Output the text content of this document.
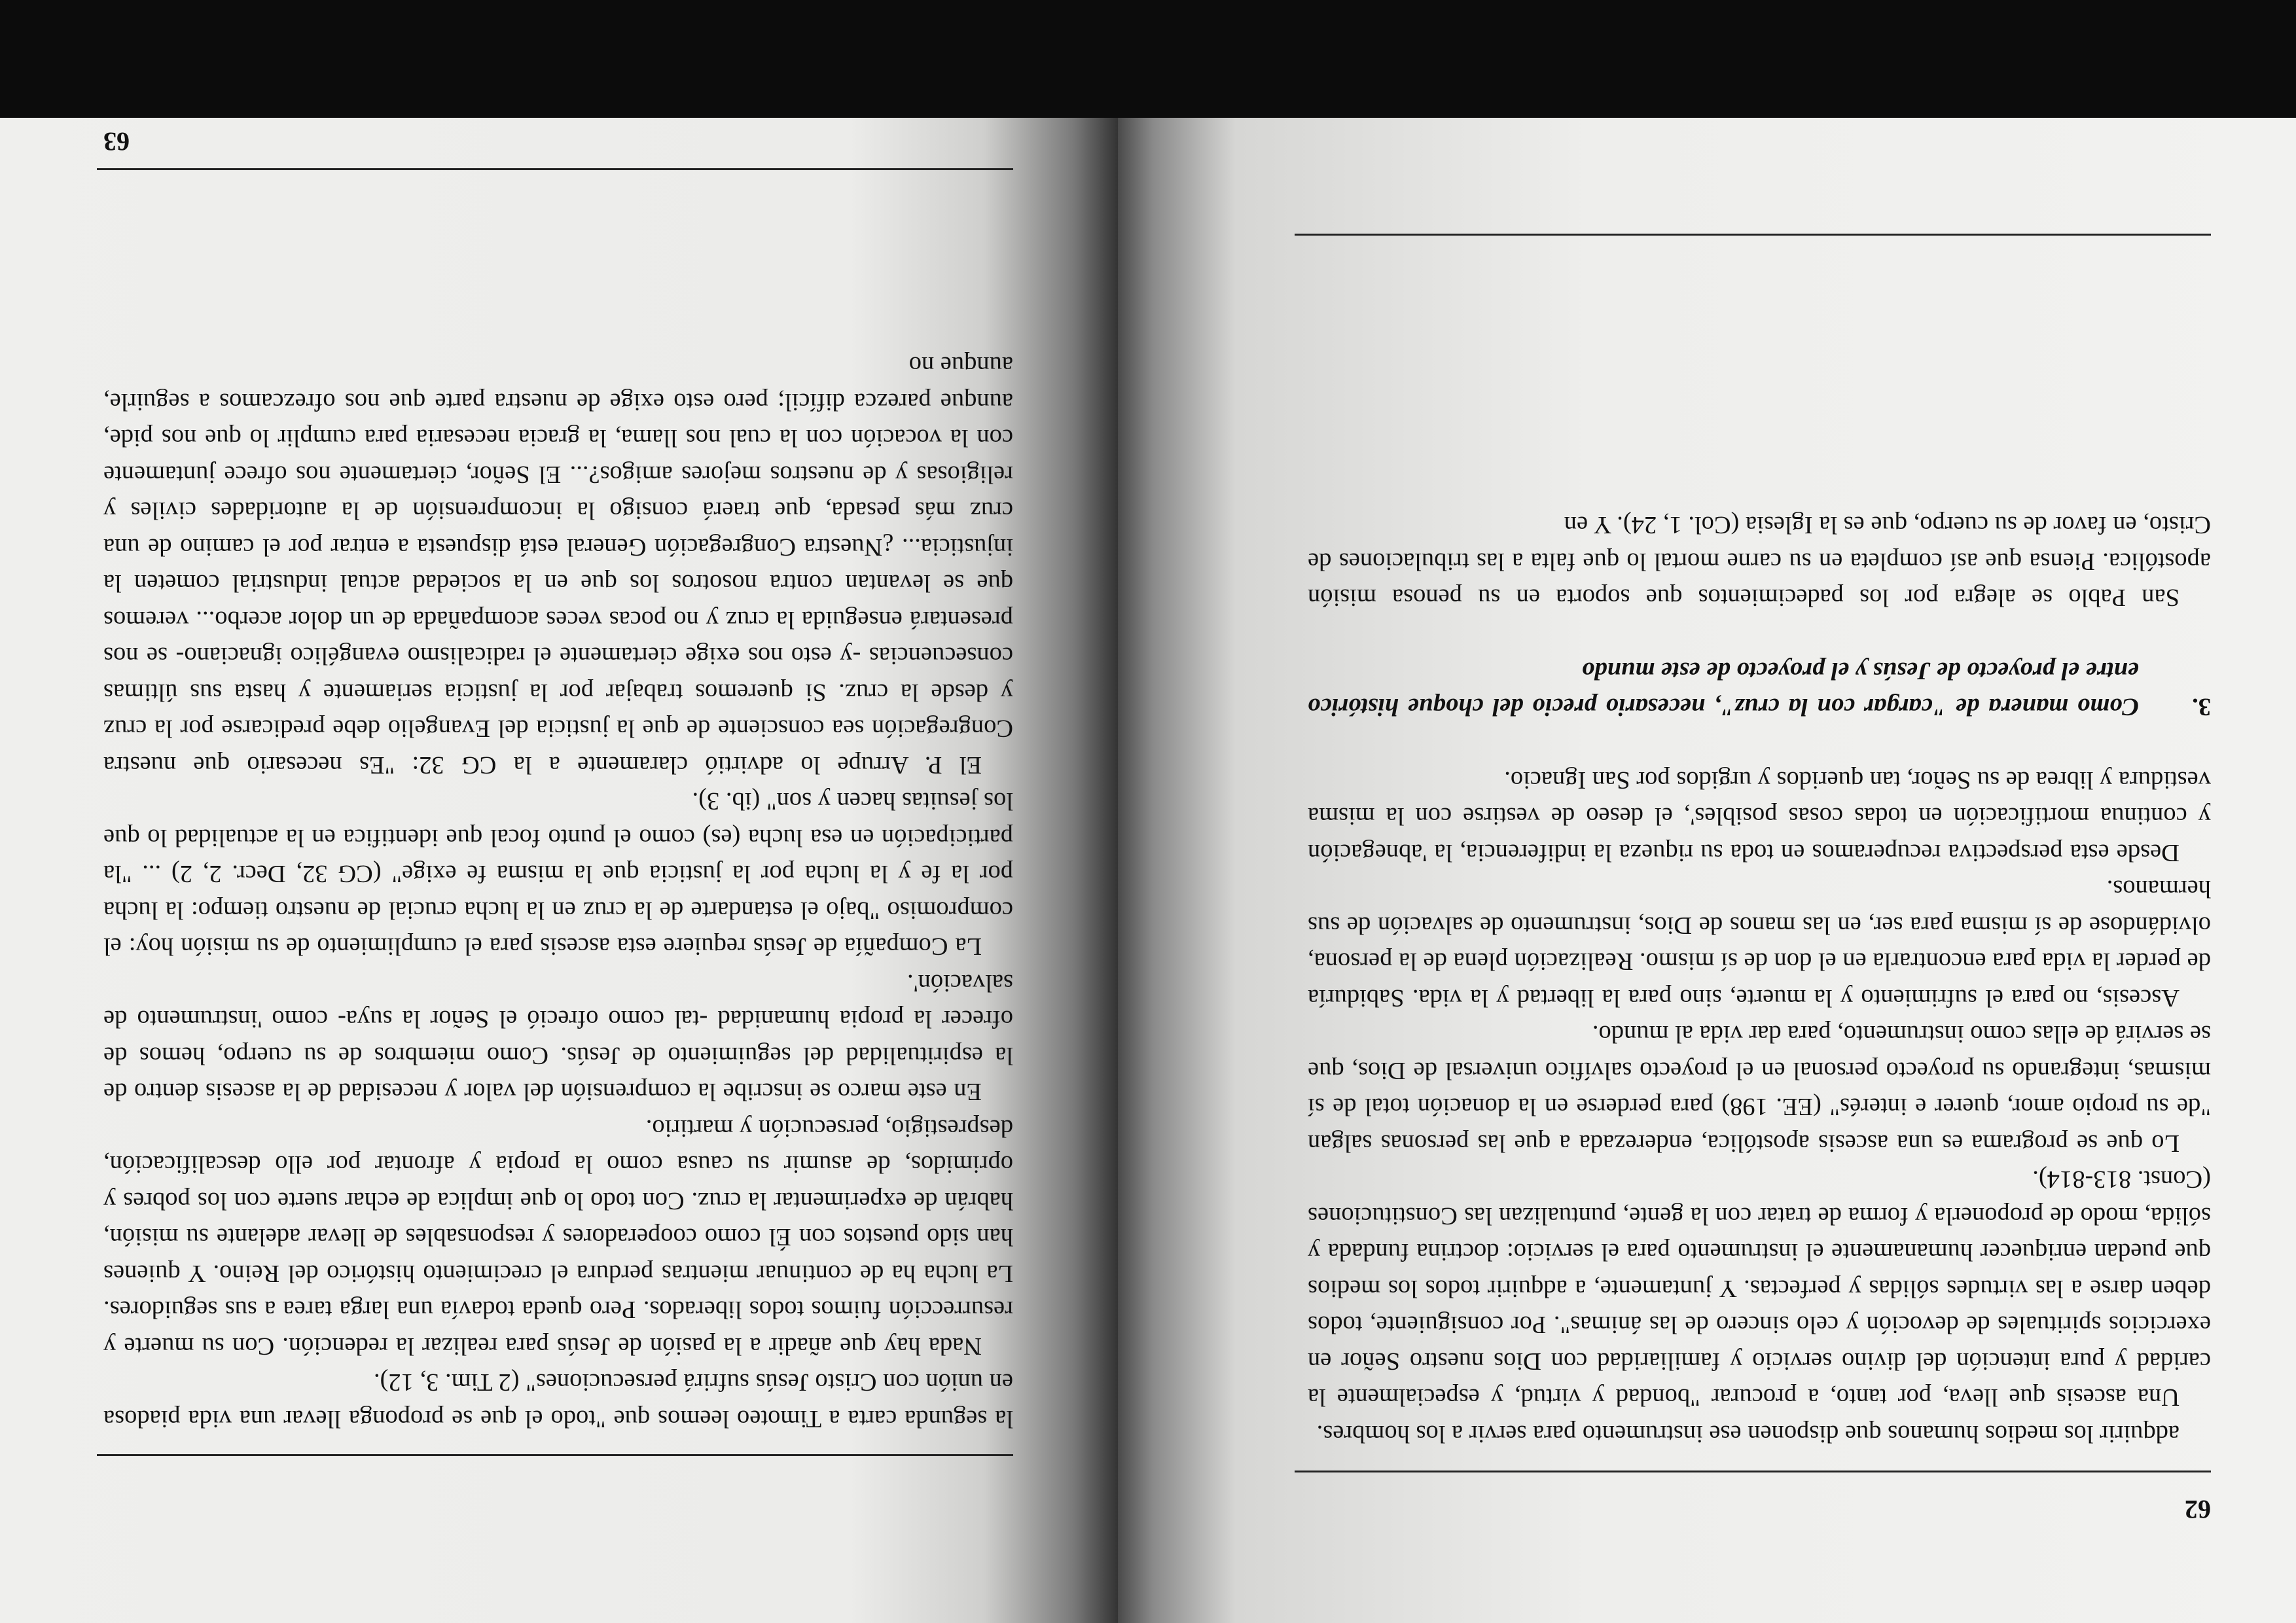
62

adquirir los medios humanos que disponen ese instrumento para servir a los hombres.

Una ascesis que lleva, por tanto, a procurar "bondad y virtud, y especialmente la caridad y pura intención del divino servicio y familiaridad con Dios nuestro Señor en exercicios spirituales de devoción y celo sincero de las ánimas". Por consiguiente, todos deben darse a las virtudes sólidas y perfectas. Y juntamente, a adquirir todos los medios que puedan enriquecer humanamente el instrumento para el servicio: doctrina fundada y sólida, modo de proponerla y forma de tratar con la gente, puntualizan las Constituciones (Const. 813-814).

Lo que se programa es una ascesis apostólica, enderezada a que las personas salgan "de su propio amor, querer e interés" (EE. 198) para perderse en la donación total de sí mismas, integrando su proyecto personal en el proyecto salvífico universal de Dios, que se servirá de ellas como instrumento, para dar vida al mundo.

Ascesis, no para el sufrimiento y la muerte, sino para la libertad y la vida. Sabiduría de perder la vida para encontrarla en el don de sí mismo. Realización plena de la persona, olvidándose de sí misma para ser, en las manos de Dios, instrumento de salvación de sus hermanos.

Desde esta perspectiva recuperamos en toda su riqueza la indiferencia, la 'abnegación y continua mortificación en todas cosas posibles', el deseo de vestirse con la misma vestidura y librea de su Señor, tan queridos y urgidos por San Ignacio.

3.
Como manera de "cargar con la cruz", necesario precio del choque histórico entre el proyecto de Jesús y el proyecto de este mundo

San Pablo se alegra por los padecimientos que soporta en su penosa misión apostólica. Piensa que así completa en su carne mortal lo que falta a las tribulaciones de Cristo, en favor de su cuerpo, que es la Iglesia (Col. 1, 24). Y en

la segunda carta a Timoteo leemos que "todo el que se proponga llevar una vida piadosa en unión con Cristo Jesús sufrirá persecuciones" (2 Tim. 3, 12).

Nada hay que añadir a la pasión de Jesús para realizar la redención. Con su muerte y resurrección fuimos todos liberados. Pero queda todavía una larga tarea a sus seguidores. La lucha ha de continuar mientras perdura el crecimiento histórico del Reino. Y quienes han sido puestos con Él como cooperadores y responsables de llevar adelante su misión, habrán de experimentar la cruz. Con todo lo que implica de echar suerte con los pobres y oprimidos, de asumir su causa como la propia y afrontar por ello descalificación, desprestigio, persecución y martirio.

En este marco se inscribe la comprensión del valor y necesidad de la ascesis dentro de la espiritualidad del seguimiento de Jesús. Como miembros de su cuerpo, hemos de ofrecer la propia humanidad -tal como ofreció el Señor la suya- como 'instrumento de salvación'.

La Compañía de Jesús requiere esta ascesis para el cumplimiento de su misión hoy: el compromiso "bajo el estandarte de la cruz en la lucha crucial de nuestro tiempo: la lucha por la fe y la lucha por la justicia que la misma fe exige" (CG 32, Decr. 2, 2) ... "la participación en esa lucha (es) como el punto focal que identifica en la actualidad lo que los jesuitas hacen y son" (ib. 3).

El P. Arrupe lo advirtió claramente a la CG 32: "Es necesario que nuestra Congregación sea consciente de que la justicia del Evangelio debe predicarse por la cruz y desde la cruz. Si queremos trabajar por la justicia seriamente y hasta sus últimas consecuencias -y esto nos exige ciertamente el radicalismo evangélico ignaciano- se nos presentará enseguida la cruz y no pocas veces acompañada de un dolor acerbo... veremos que se levantan contra nosotros los que en la sociedad actual industrial cometen la injusticia... ¿Nuestra Congregación General está dispuesta a entrar por el camino de una cruz más pesada, que traerá consigo la incomprensión de la autoridades civiles y religiosas y de nuestros mejores amigos?... El Señor, ciertamente nos ofrece juntamente con la vocación con la cual nos llama, la gracia necesaria para cumplir lo que nos pide, aunque parezca difícil; pero esto exige de nuestra parte que nos ofrezcamos a seguirle, aunque no

63
